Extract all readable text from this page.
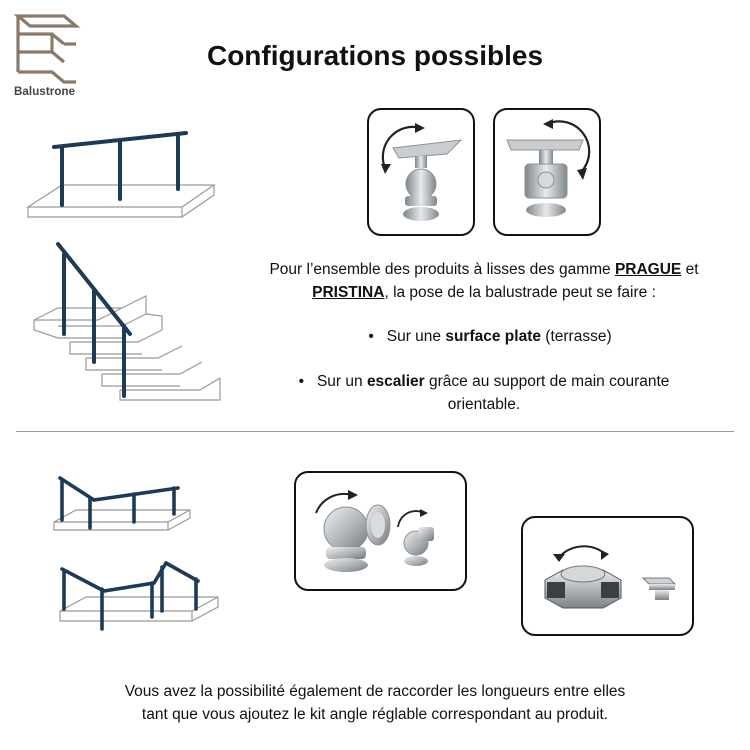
Balustrone
Configurations possibles
Pour l’ensemble des produits à lisses des gamme PRAGUE et
PRISTINA, la pose de la balustrade peut se faire :
• Sur une surface plate (terrasse)
• Sur un escalier grâce au support de main courante orientable.
Vous avez la possibilité également de raccorder les longueurs entre elles
tant que vous ajoutez le kit angle réglable correspondant au produit.
